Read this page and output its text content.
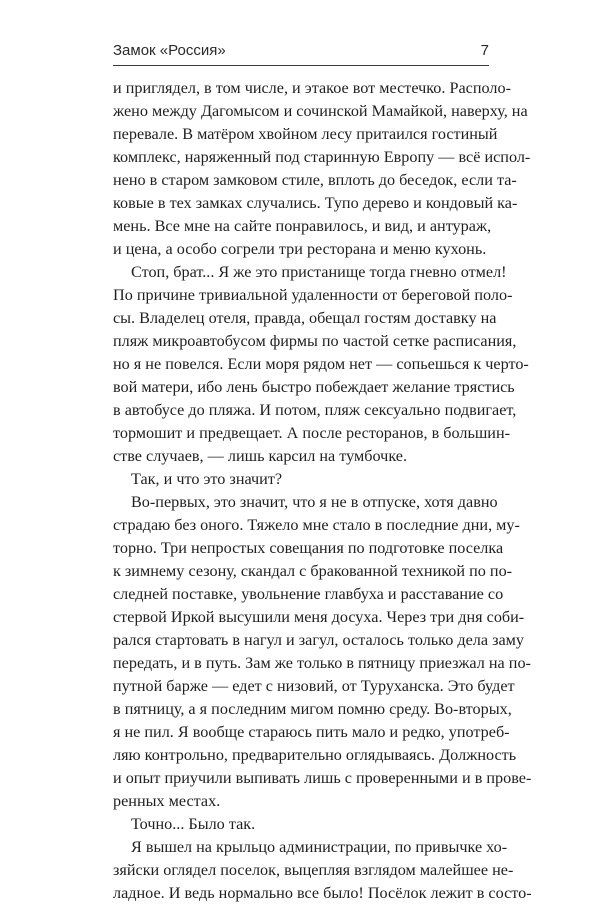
Замок «Россия»	7
и приглядел, в том числе, и этакое вот местечко. Располо-
жено между Дагомысом и сочинской Мамайкой, наверху, на
перевале. В матёром хвойном лесу притаился гостиный
комплекс, наряженный под старинную Европу — всё испол-
нено в старом замковом стиле, вплоть до беседок, если та-
ковые в тех замках случались. Тупо дерево и кондовый ка-
мень. Все мне на сайте понравилось, и вид, и антураж,
и цена, а особо согрели три ресторана и меню кухонь.
Стоп, брат... Я же это пристанище тогда гневно отмел!
По причине тривиальной удаленности от береговой поло-
сы. Владелец отеля, правда, обещал гостям доставку на
пляж микроавтобусом фирмы по частой сетке расписания,
но я не повелся. Если моря рядом нет — сопьешься к черто-
вой матери, ибо лень быстро побеждает желание трястись
в автобусе до пляжа. И потом, пляж сексуально подвигает,
тормошит и предвещает. А после ресторанов, в большин-
стве случаев, — лишь карсил на тумбочке.
Так, и что это значит?
Во-первых, это значит, что я не в отпуске, хотя давно
страдаю без оного. Тяжело мне стало в последние дни, му-
торно. Три непростых совещания по подготовке поселка
к зимнему сезону, скандал с бракованной техникой по по-
следней поставке, увольнение главбуха и расставание со
стервой Иркой высушили меня досуха. Через три дня соби-
рался стартовать в нагул и загул, осталось только дела заму
передать, и в путь. Зам же только в пятницу приезжал на по-
путной барже — едет с низовий, от Туруханска. Это будет
в пятницу, а я последним мигом помню среду. Во-вторых,
я не пил. Я вообще стараюсь пить мало и редко, употреб-
ляю контрольно, предварительно оглядываясь. Должность
и опыт приучили выпивать лишь с проверенными и в прове-
ренных местах.
Точно... Было так.
Я вышел на крыльцо администрации, по привычке хо-
зяйски оглядел поселок, выцепляя взглядом малейшее не-
ладное. И ведь нормально все было! Посёлок лежит в состо-
